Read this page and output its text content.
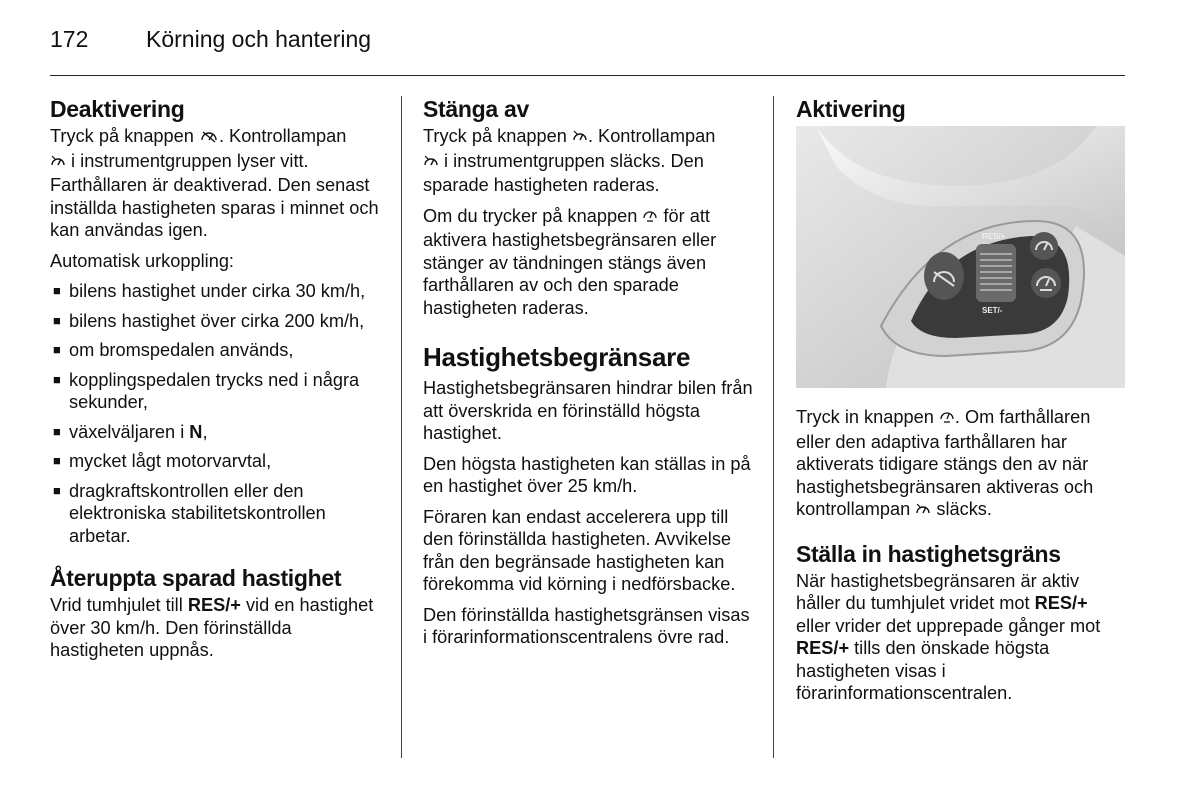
172	Körning och hantering
Deaktivering

Tryck på knappen . Kontrollampan
i instrumentgruppen lyser vitt. Farthållaren är deaktiverad. Den senast inställda hastigheten sparas i minnet och kan användas igen.

Automatisk urkoppling:

■ bilens hastighet under cirka 30 km/h,
■ bilens hastighet över cirka 200 km/h,
■ om bromspedalen används,
■ kopplingspedalen trycks ned i några sekunder,
■ växelväljaren i N,
■ mycket lågt motorvarvtal,
■ dragkraftskontrollen eller den elektroniska stabilitetskontrollen arbetar.
Återuppta sparad hastighet

Vrid tumhjulet till RES/+ vid en hastighet över 30 km/h. Den förinställda hastigheten uppnås.

Stänga av

Tryck på knappen . Kontrollampan
i instrumentgruppen släcks. Den sparade hastigheten raderas.

Om du trycker på knappen  för att aktivera hastighetsbegränsaren eller stänger av tändningen stängs även farthållaren av och den sparade hastigheten raderas.

Hastighetsbegränsare

Hastighetsbegränsaren hindrar bilen från att överskrida en förinställd högsta hastighet.

Den högsta hastigheten kan ställas in på en hastighet över 25 km/h.

Föraren kan endast accelerera upp till den förinställda hastigheten. Avvikelse från den begränsade hastigheten kan förekomma vid körning i nedförsbacke.

Den förinställda hastighetsgränsen visas i förarinformationscentralens övre rad.

Aktivering
RES/+
SET/-

Tryck in knappen . Om farthållaren eller den adaptiva farthållaren har aktiverats tidigare stängs den av när hastighetsbegränsaren aktiveras och kontrollampan  släcks.

Ställa in hastighetsgräns

När hastighetsbegränsaren är aktiv håller du tumhjulet vridet mot RES/+ eller vrider det upprepade gånger mot RES/+ tills den önskade högsta hastigheten visas i förarinformationscentralen.
